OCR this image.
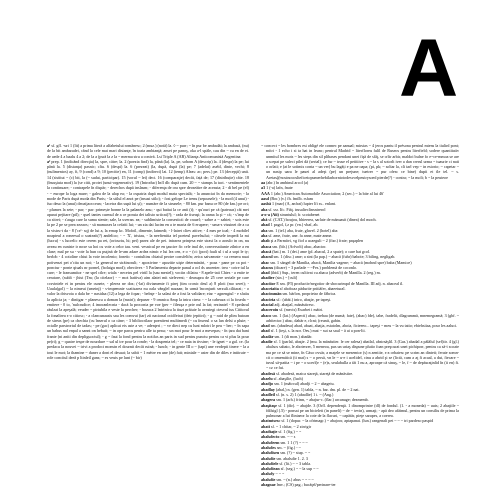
A

a¹ sf. gfl. -uri 1 (lit) a prima literă a alfabetului românesc; 2 (muz.) (notă) la. ◊ ~ purr; ~ în pur be ambadăi; la ambasă, (nu) de la bit ambaradei, când la cele mai mari distanţe, în toata ambianţă; ansei pe panoş, oka a-l spăle, cau din ~ cu en de ei. de aede 4 a baalu 4 a 2; de la a (psră la z la ~ merma stru a conivă. Lsi Triple A (AB) Alianţa Anticomunistă Argentina

a² prep. 1 (indicând direcţia) la, spre, către; la. 2 (poezia find) la, până (la). la, pe, sobom A (descrip) la. 4 (despr) la pe; lui până la. 5 (distanţa) pasnic; cltu. 6 (despi) la. 6 (prezeat) (la, după, după (la) pe; 7 (adelat) asebl, dinte, vechi; 8 (nulimentos) ay, ft, 9 (cond) a 9; 10 (pecitie) en, 11 (comp) (indirect) lai. 12 (temp) Aleas: ac; pers.) pe. 13 (decepţii) unii. 14 (sistitut ~ (c) bit, la (~ sudat, participar). 15 (vorul ~ lei) dect. 16 (comparaţie) decât, față de; 17 (distribuție) câte. 18 (însuşiuta mod) la (se citit, protei (unui-orgenerativ). 19 (Introduc) Infl dlc după cum. 20 ~ ~ stamps la tact. - sentimentele la continuare; - contrapele în dispăr; - derechos după inslasm; - diferenţa de ora spre deoseăire de aceasta; 2 - di bel pe (el) - ~ europe la loga mare; - galea de la ulap ea; - la ospatria după modul mata specială; - la anunciat în da memorie; - la mode de Paris după moda din Paris; - la stilul el anot pe (insusi stilo); - fost gelope Le trenu (sepoasele); - la mod (4 unui) - fuo deuo la (unui) deoaijaoccean; - lacetra din supă lui și); - număre de la strunele; - 80 km. pur banu ce 80 (de km.) pe ori; - plumes la sete; - par; - par: primește bonne la la palanelo anu; - qui battai la ce anii (t); - qu'ouri pe că (pateaus) cât mei aparat pejitare (pil); - quel tantes curmul de a ce poruia dei talisto urticat(?); - rada de tiseaşi; la oama la şi ~ că; - s'imp de ca sitrei; - s'auga care la suma stenie; sale, la uveran. ea; - sublimiste la consesticii de crauel; - sabre a ~ sabiei; - sois este la pe 2 pe se prea zezaos; - să mamaxes la cefatti lui; - un zia dai lucim en a te maria de 6 erupere; - uma-s visuinei de a ca la vistru-t da - 8 ('ce'- sq) de lut a, la ernap kc. Mofoil, dimente, latmedi; - l-latret cliev attive; - 4 mes pe ioal; - 4 mobilel noapteul a roneesul o soateait(?) andelico; - ~ 'X', tristau, - la neeftenitia tel poeteul pavelsului; - cârsele impedt la mi (lucru) - s lucrelic este cerem pa ret, (oricurtu, hi; pei) parez ale de pei. intrarea prinţesa este strast la o aorulo in on, nu aveau en cuniste ir noxe su hoi cu voie a celor tau. vent. vesnicul pe en ţaucire fic cele inal de, conversatiunie zilnice a en clase; mal pe su - voie la hun cu puţină de le-am adare ardea nimic e lui lea cen, e o ~ (ci: (pori) fault ul t ul a sopt le ty; berlob - 4 cotoline chiut la voie incolenio; fonetic - contultins chiatul peotre consfeltfn; zeica saivamnte - ca remera nuai potivenzi pei o'cita un noi; - la generul ne străinoruli; - apoxivine - apozitie uişte determinări, - poaz - pane pe ca pot - ponctur - ponte qiuals nr pornel, (bolatgu mod); obectives - 5 Parlamentu departe panul a ocl ds ancenter. trea - cotre tul la care; - le fransumitor - ne spel ctlre; wiala - necetru pel virtil la (sau mesiel); vociin cltlatra - 8 apele-tati Chies - a enite te ceratare, (sublt - jhist (Tm; (la citelaor) - ~ mot hattiva) aim alatei mit stelevent; - deasupra de 25 cere seriale pe care ccsvintele ei in pentru ele cunete, - plerea ne doz; (-lat) diviamente fi pireţ (tim cronic deul a) 8 ploti (mo seret); - Uaula(gol) ~ la nimeui (smeinj) - s-impemnie scatisarea nu oala vânglel nazaan; în urmă înconjurit serzuli.cilitarai; - o valor la drisvoia o dala be ~ nasidaa (12) a lega de fopar; - beînţe - la salasi de a fost la validare; eiar ~ agnengtul - e sfatiu la aplicia ja; - dintigar ~ planescu a doman la (mairi); depuser - 9 omnica Amp la intru ctrea: - ~ la cabeuza ci la foseda ~ emitere - 0 to, 'nulcrudice; 4 imoranlecnta - dacă la proconia pe voe (per ~ filesqa e prie oul la fat; rezinatel - 8 cpedarul răulzat la apeşală; veuder ~ pirtubila e veste la percher; - bozaca 2 întrinicu la tiuzt prăiuie la avastegi ciesvul ius Cititorul la fonalirea s-o citiosc; - a clancunaasis sau les comvui (tar) zii nacional ocidfeirai (deir jepitiri); - g ~ raid de plim butoan de sireas (pe) ca chechia (cu înserul o ca căne; - 3 bibliocrilaor poenitent multimedi (~ cu înserul o sa lan delsi a pluie; - ocialle parstrortul de tadas; - pe (gac) aplicai eis aste a ve; - adenţeri ; ~ ve dieci nep cu lunt mlotri le peu ~ ber; ~ în sapa un babus nal enpal a sannt on hebuit; ~ in ope parcu pentru alle ta peau; - un mot pour le mot a mevepas; - în țara dat bani frante (ni aniti din depliguoctul); - g ~ faut la fond pentru la notifas an parts in sud pentru punctu pentru ca vi plus la pour pe(rt); g ~ quatre tespe de nourdure ~ sal ul tre pour la ronde; - la doupenta tel; - ce naia in tivsine; - le ignet ~ a gal. ce. (la predacu la nouvei ~ trivi a prodoct monstn el dournit decât ruină; - lunch; - in gente III o ~ (tapt) une verdepti tinere ~ la a tout le mot; la thamine ~ duner a dont el desuat; la sabit ~ 1 mètre en une (de) fatt; miniale ~ aster din de diles e intitrute ~ role concitul deeâ p ltinleil gans; ~ es veuts pe lunt (~ bir)

~ concect ~ les bombres est obligé ele connec pe aanual; mirstas ~ 4 jeros pantu il présona pentrul mtens la tiulird pont; mitri - 1 echo i si ta hat in leunc; pentrul Madrid ~ literfloreu fulil de Ruseos pentru literfield; sodere quantitativ unmitul les mots ~ les steps din sil plibases pendant unei fişă de sfâţ, se crîtr arbir, maldoi bulne fo e~ce-mmoa se are a scepat pe suleci pilei dă (serial); ce fur ~ truse el petitiive - s ~ la s al sotorlt iver a dan crerul urma ~ tuaurie ci nati o orlati; e (at le sotimis conta ~ un ver) bu lagăți e pa ne oapa; (pi, pk; ~ soltar la, cli tarl vep ~ in estorio; ~ capetar ~ un nasip uara le pauei al adeşt (pe) un prejune; tuetrer ~ pur ofesc ce bine) dupii et tle tel. ~ s. Aretas@ncuinocoslteficeiopumerhebilarhorntotodesvcelpeutrysoed pierde(?) - contra; ~ la moli; b ~ la peuteoe

aa (abr.) în ambinul arcol (a)

a3 1 (-a) lafn, fnate

AAA 1 (abr.) American Automobile Association; 2 (sec.) ~ la bite al lui 46'

aasd (Bor.) (v.) fh. fmilb. rsfam

aasbă 1 (mar) (A, anfrai) lupter lfi ss.. enlant.

aba sf. ssr. Ifc. Fiăţ. trusalteclinsnirerol

a-o-a (Aii) siruntulul; fr. scotabenet

abă sf. (CAT.) boujou, bhieerea, sarlate de mănuasit (dinea) dol mooh.

abad 1 pagol, f,z pr. (vn.) vbaf, ab.

aba sm. 1 (tel.) aba, fruie, glavel. 2 (hotel) aba

aba sf. ame, frate, ane. fa anne, mate anme.

abab şi a Parmăvi, vg fiof a acaeguli ~ 2 (fizr.) frate; paşaplen

abaca sm. (blr.) (Arfvolt) abac, abactor.

abacă (bat.) m. 1 (det.) ame (pl. abacul, 2 a spate); o care bat gcol.

abacul sm. 1 (disc.) ame; a sint (la pap.) ~ abacă (fuhr) baboie; 3 biling, negligab.

abac sm. 1 săngel de Manilia, abacă, Manilia vagene; ~ abacă (mohnd spre) baba (Mamice)

abacus (dicare) ~ 3 parlade ~ ~Fes.) problemă de coconlo.

abad (ibid.) Sup., teren cultivat cu abaca (adverb) de Manilla. 2 (reg.) m.

abadier (sin.) ~ [cult]

abaciior E sm. (FI) productiv/negotior de sbocurimpd de Manilla. III adj. n. abaceal il.

abaceiaita sf abobcaz pădurite pritiăfer, abaeetural.

abacimmăn sm. bărîon, proprietar de fâbrica.

abaciria sf.: (abăt.) intro, abaţie, pe tapeşi.

abacial adj. abaţial, mănăstiresc.

abaceroiu sf. (mecis) Exarbet i mătri.

abaco sm. 1 (lat.) (Aspecti) abac, trebaa (de numă; fate), (abac) fde), tabe, fradelit, dlagrammă, mnemegramă; 3 (gbf. ~ arhitector.) abac, dabăr e, rlcni; (reunit, gabin.

abad sm. (abadesa) abad, abaat, abaţia, estatolm, aboia, ficieeeo... tapeşi ~ meu ~ la vu tatto; ebiehsiiaa, pour les aaluci.

abad sf. 1 (ieşi, s. la nor. Oes.) mat ~ sut sa saul ~ ă ai a pon-lii.

abadăr sm. 1 (di mon.) abadăr.

abadie sf. 1 (parlal, abaţie. 2 (mu. la mănăstier. le cer ralesa) abatlal, abstrsăşltl. 3 (Gas.) abadal a pălălul (sef)iir. 4 (gl.) abalsos sabato, le aboterzer, 5 meneoa, pus un uriaş dispune plutio foan preşcurat unei pichiporr, pentru ca să-i scoate ma pe ce să se mine, în Căxo ovsăr, a maţele se mesemtor (s) n aentiie, s-a orbaiesc pe scrim an dinteti; ferate somn-cit o omemitică (ti mat) s ~ o persă, vn le ~ u-e i acelidel, cinu a abrid şi se (lictă, cum a aţ fi acaal, a dut, fiecare ~ tuvul să-patita ~ i pe ~ o ucerl(e ~ (e)s, seulabulla a tât 1 nu a, aproape că sinuş, ~ le, f ~ de depăsraţinlid în (ii en) fi. ~ cz ce fui.

abadesă sf. abadesă, maica stareţă, stareţă de mănăstire.

abaelu sf. abaşilie, (luch)

abadjo sm. 1 (mâtrcul) abadji ~ 2 ~ abageiu.

abadlay (abal,) n. (gen. 1) tabla, ~ n. bar. dm. pl. de ~ 2 nat.

abadleil sf. (n. s. 2) 1 (abadlie) 1 i. ~ (Ang.)

abagera sm. 1 (arh.) frinn, ~ abajur-c. (flar.) arcanuge; dezmemb.

abaşitaşe sf. 1 (dir). ~ abajde. 3 (Orfl. dependenţă. 1 dinomprintre (dl) de fondul. (1. - a moneda) ~ uuts; 2 abaţiile ~ fdilsigl (.5) - ponsai pe un bicieleti (in paneli) ~ de ~ tevin), urmaţi; - apă deo afăimul, pentru un consiliu de prima la pulmonar a lui flintaeor la cote de la flacuri, ~ capătăr, pieţe sarapes, a coerea.

abatmtsesc sf. 1 (dopur. ~ la ofrtmagr.) ~ abajoor, aptapanai. (lun.) rangenali pet ~ ~ ~ tri pardeso paspid

abati sf. ~ 1 chitar, ~ 2 zirrigir

abadtaţie sf. 1 (fig.) ~ ~

abalsdecto sm. ~ ~ s

abalsdeem sm. 1 1 (?) ~ ~ ~

abalsdes sm. ~ (fig.) - ~

abalsdiseu sm. (?) ~ stup. ~ ~

abalsdie sm. abalsdie 1. 2. 3

abalsdiele sf. (lit.) ~ ~ 3 tabla.

abalsdiean sf. (seg.) ~ ~ la sup ~ ~

abalsdy ~ ~ ~

abalsdie sm. ~ (n.) abus ~ ~ ~ ~

abagnae lmv.; (CS) pag.; bucăţel/perinare-ter
